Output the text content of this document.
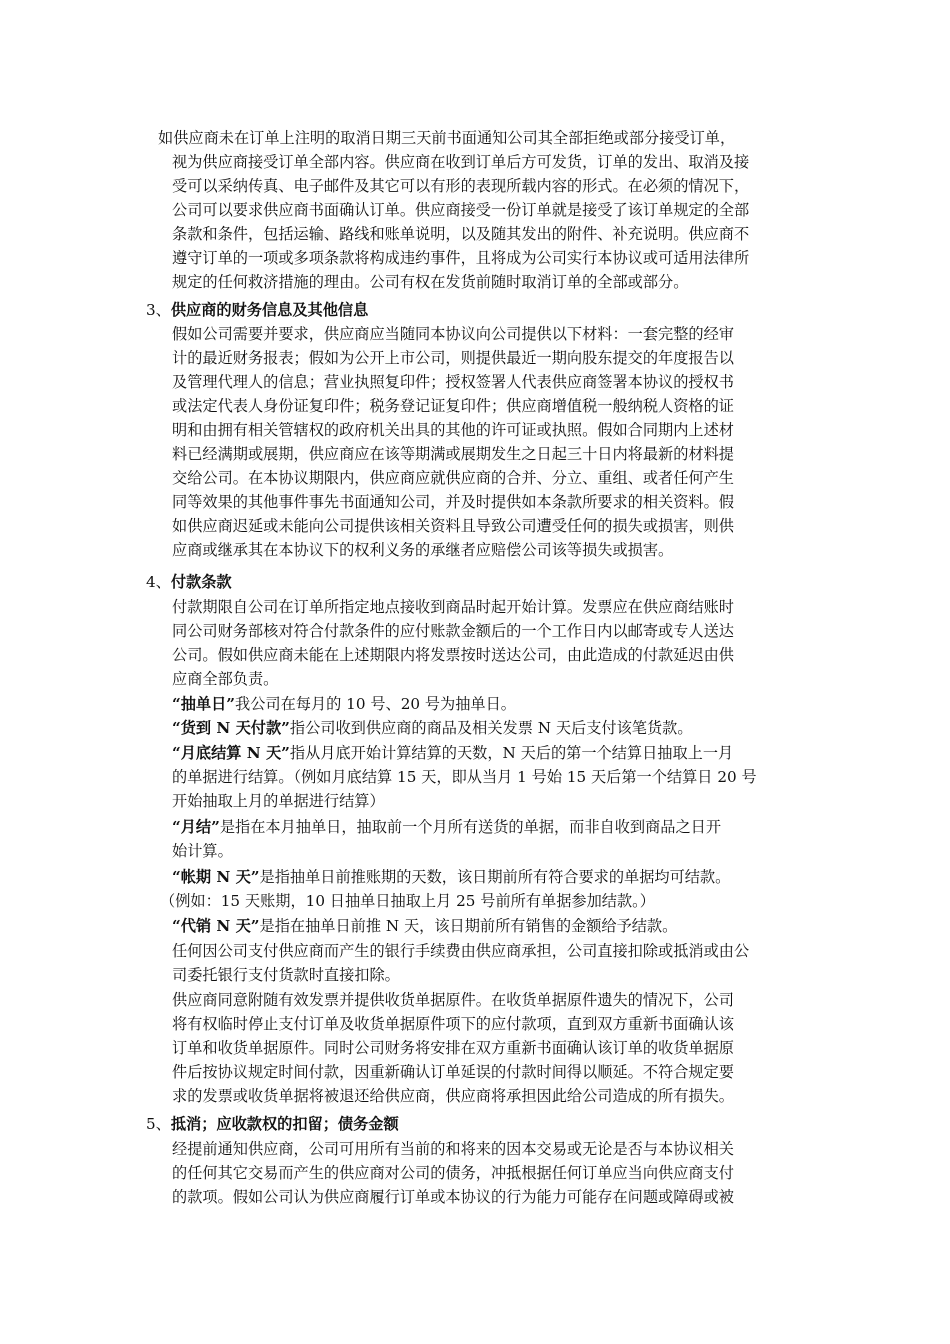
如供应商未在订单上注明的取消日期三天前书面通知公司其全部拒绝或部分接受订单，
视为供应商接受订单全部内容。供应商在收到订单后方可发货，订单的发出、取消及接
受可以采纳传真、电子邮件及其它可以有形的表现所载内容的形式。在必须的情况下，
公司可以要求供应商书面确认订单。供应商接受一份订单就是接受了该订单规定的全部
条款和条件，包括运输、路线和账单说明，以及随其发出的附件、补充说明。供应商不
遵守订单的一项或多项条款将构成违约事件，且将成为公司实行本协议或可适用法律所
规定的任何救济措施的理由。公司有权在发货前随时取消订单的全部或部分。
3、供应商的财务信息及其他信息
假如公司需要并要求，供应商应当随同本协议向公司提供以下材料：一套完整的经审
计的最近财务报表；假如为公开上市公司，则提供最近一期向股东提交的年度报告以
及管理代理人的信息；营业执照复印件；授权签署人代表供应商签署本协议的授权书
或法定代表人身份证复印件；税务登记证复印件；供应商增值税一般纳税人资格的证
明和由拥有相关管辖权的政府机关出具的其他的许可证或执照。假如合同期内上述材
料已经满期或展期，供应商应在该等期满或展期发生之日起三十日内将最新的材料提
交给公司。在本协议期限内，供应商应就供应商的合并、分立、重组、或者任何产生
同等效果的其他事件事先书面通知公司，并及时提供如本条款所要求的相关资料。假
如供应商迟延或未能向公司提供该相关资料且导致公司遭受任何的损失或损害，则供
应商或继承其在本协议下的权利义务的承继者应赔偿公司该等损失或损害。
4、付款条款
付款期限自公司在订单所指定地点接收到商品时起开始计算。发票应在供应商结账时
同公司财务部核对符合付款条件的应付账款金额后的一个工作日内以邮寄或专人送达
公司。假如供应商未能在上述期限内将发票按时送达公司，由此造成的付款延迟由供
应商全部负责。
“抽单日”我公司在每月的 10 号、20 号为抽单日。
“货到 N 天付款”指公司收到供应商的商品及相关发票 N 天后支付该笔货款。
“月底结算 N 天”指从月底开始计算结算的天数，N 天后的第一个结算日抽取上一月
的单据进行结算。（例如月底结算 15 天，即从当月 1 号始 15 天后第一个结算日 20 号
开始抽取上月的单据进行结算）
“月结”是指在本月抽单日，抽取前一个月所有送货的单据，而非自收到商品之日开
始计算。
“帐期 N 天”是指抽单日前推账期的天数，该日期前所有符合要求的单据均可结款。
（例如：15 天账期，10 日抽单日抽取上月 25 号前所有单据参加结款。）
“代销 N 天”是指在抽单日前推 N 天，该日期前所有销售的金额给予结款。
任何因公司支付供应商而产生的银行手续费由供应商承担，公司直接扣除或抵消或由公
司委托银行支付货款时直接扣除。
供应商同意附随有效发票并提供收货单据原件。在收货单据原件遗失的情况下，公司
将有权临时停止支付订单及收货单据原件项下的应付款项，直到双方重新书面确认该
订单和收货单据原件。同时公司财务将安排在双方重新书面确认该订单的收货单据原
件后按协议规定时间付款，因重新确认订单延误的付款时间得以顺延。不符合规定要
求的发票或收货单据将被退还给供应商，供应商将承担因此给公司造成的所有损失。
5、抵消；应收款权的扣留；债务金额
经提前通知供应商，公司可用所有当前的和将来的因本交易或无论是否与本协议相关
的任何其它交易而产生的供应商对公司的债务，冲抵根据任何订单应当向供应商支付
的款项。假如公司认为供应商履行订单或本协议的行为能力可能存在问题或障碍或被
